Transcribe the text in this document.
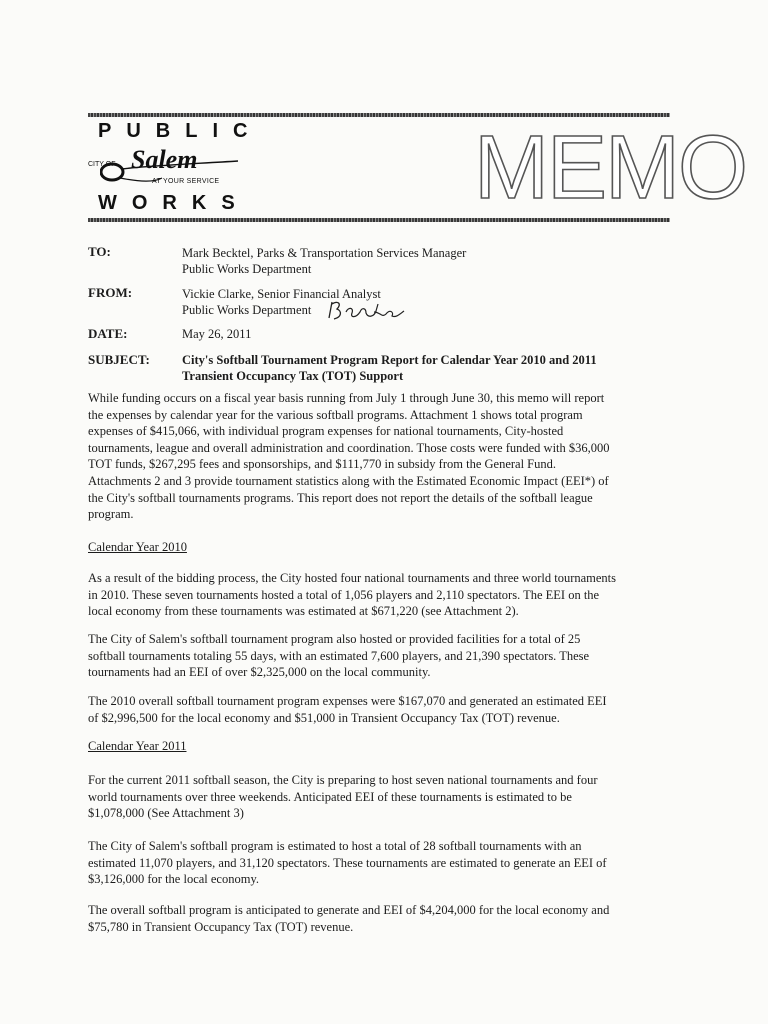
PUBLIC
CITY OF Salem
AT YOUR SERVICE
WORKS MEMO
TO:	Mark Becktel, Parks & Transportation Services Manager
Public Works Department
FROM:	Vickie Clarke, Senior Financial Analyst
Public Works Department
DATE:	May 26, 2011
SUBJECT:	City's Softball Tournament Program Report for Calendar Year 2010 and 2011
Transient Occupancy Tax (TOT) Support
While funding occurs on a fiscal year basis running from July 1 through June 30, this memo will report
the expenses by calendar year for the various softball programs. Attachment 1 shows total program
expenses of $415,066, with individual program expenses for national tournaments, City-hosted
tournaments, league and overall administration and coordination. Those costs were funded with $36,000
TOT funds, $267,295 fees and sponsorships, and $111,770 in subsidy from the General Fund.
Attachments 2 and 3 provide tournament statistics along with the Estimated Economic Impact (EEI*) of
the City's softball tournaments programs. This report does not report the details of the softball league
program.
Calendar Year 2010
As a result of the bidding process, the City hosted four national tournaments and three world tournaments
in 2010. These seven tournaments hosted a total of 1,056 players and 2,110 spectators. The EEI on the
local economy from these tournaments was estimated at $671,220 (see Attachment 2).
The City of Salem's softball tournament program also hosted or provided facilities for a total of 25
softball tournaments totaling 55 days, with an estimated 7,600 players, and 21,390 spectators. These
tournaments had an EEI of over $2,325,000 on the local community.
The 2010 overall softball tournament program expenses were $167,070 and generated an estimated EEI
of $2,996,500 for the local economy and $51,000 in Transient Occupancy Tax (TOT) revenue.
Calendar Year 2011
For the current 2011 softball season, the City is preparing to host seven national tournaments and four
world tournaments over three weekends. Anticipated EEI of these tournaments is estimated to be
$1,078,000 (See Attachment 3)
The City of Salem's softball program is estimated to host a total of 28 softball tournaments with an
estimated 11,070 players, and 31,120 spectators. These tournaments are estimated to generate an EEI of
$3,126,000 for the local economy.
The overall softball program is anticipated to generate and EEI of $4,204,000 for the local economy and
$75,780 in Transient Occupancy Tax (TOT) revenue.
